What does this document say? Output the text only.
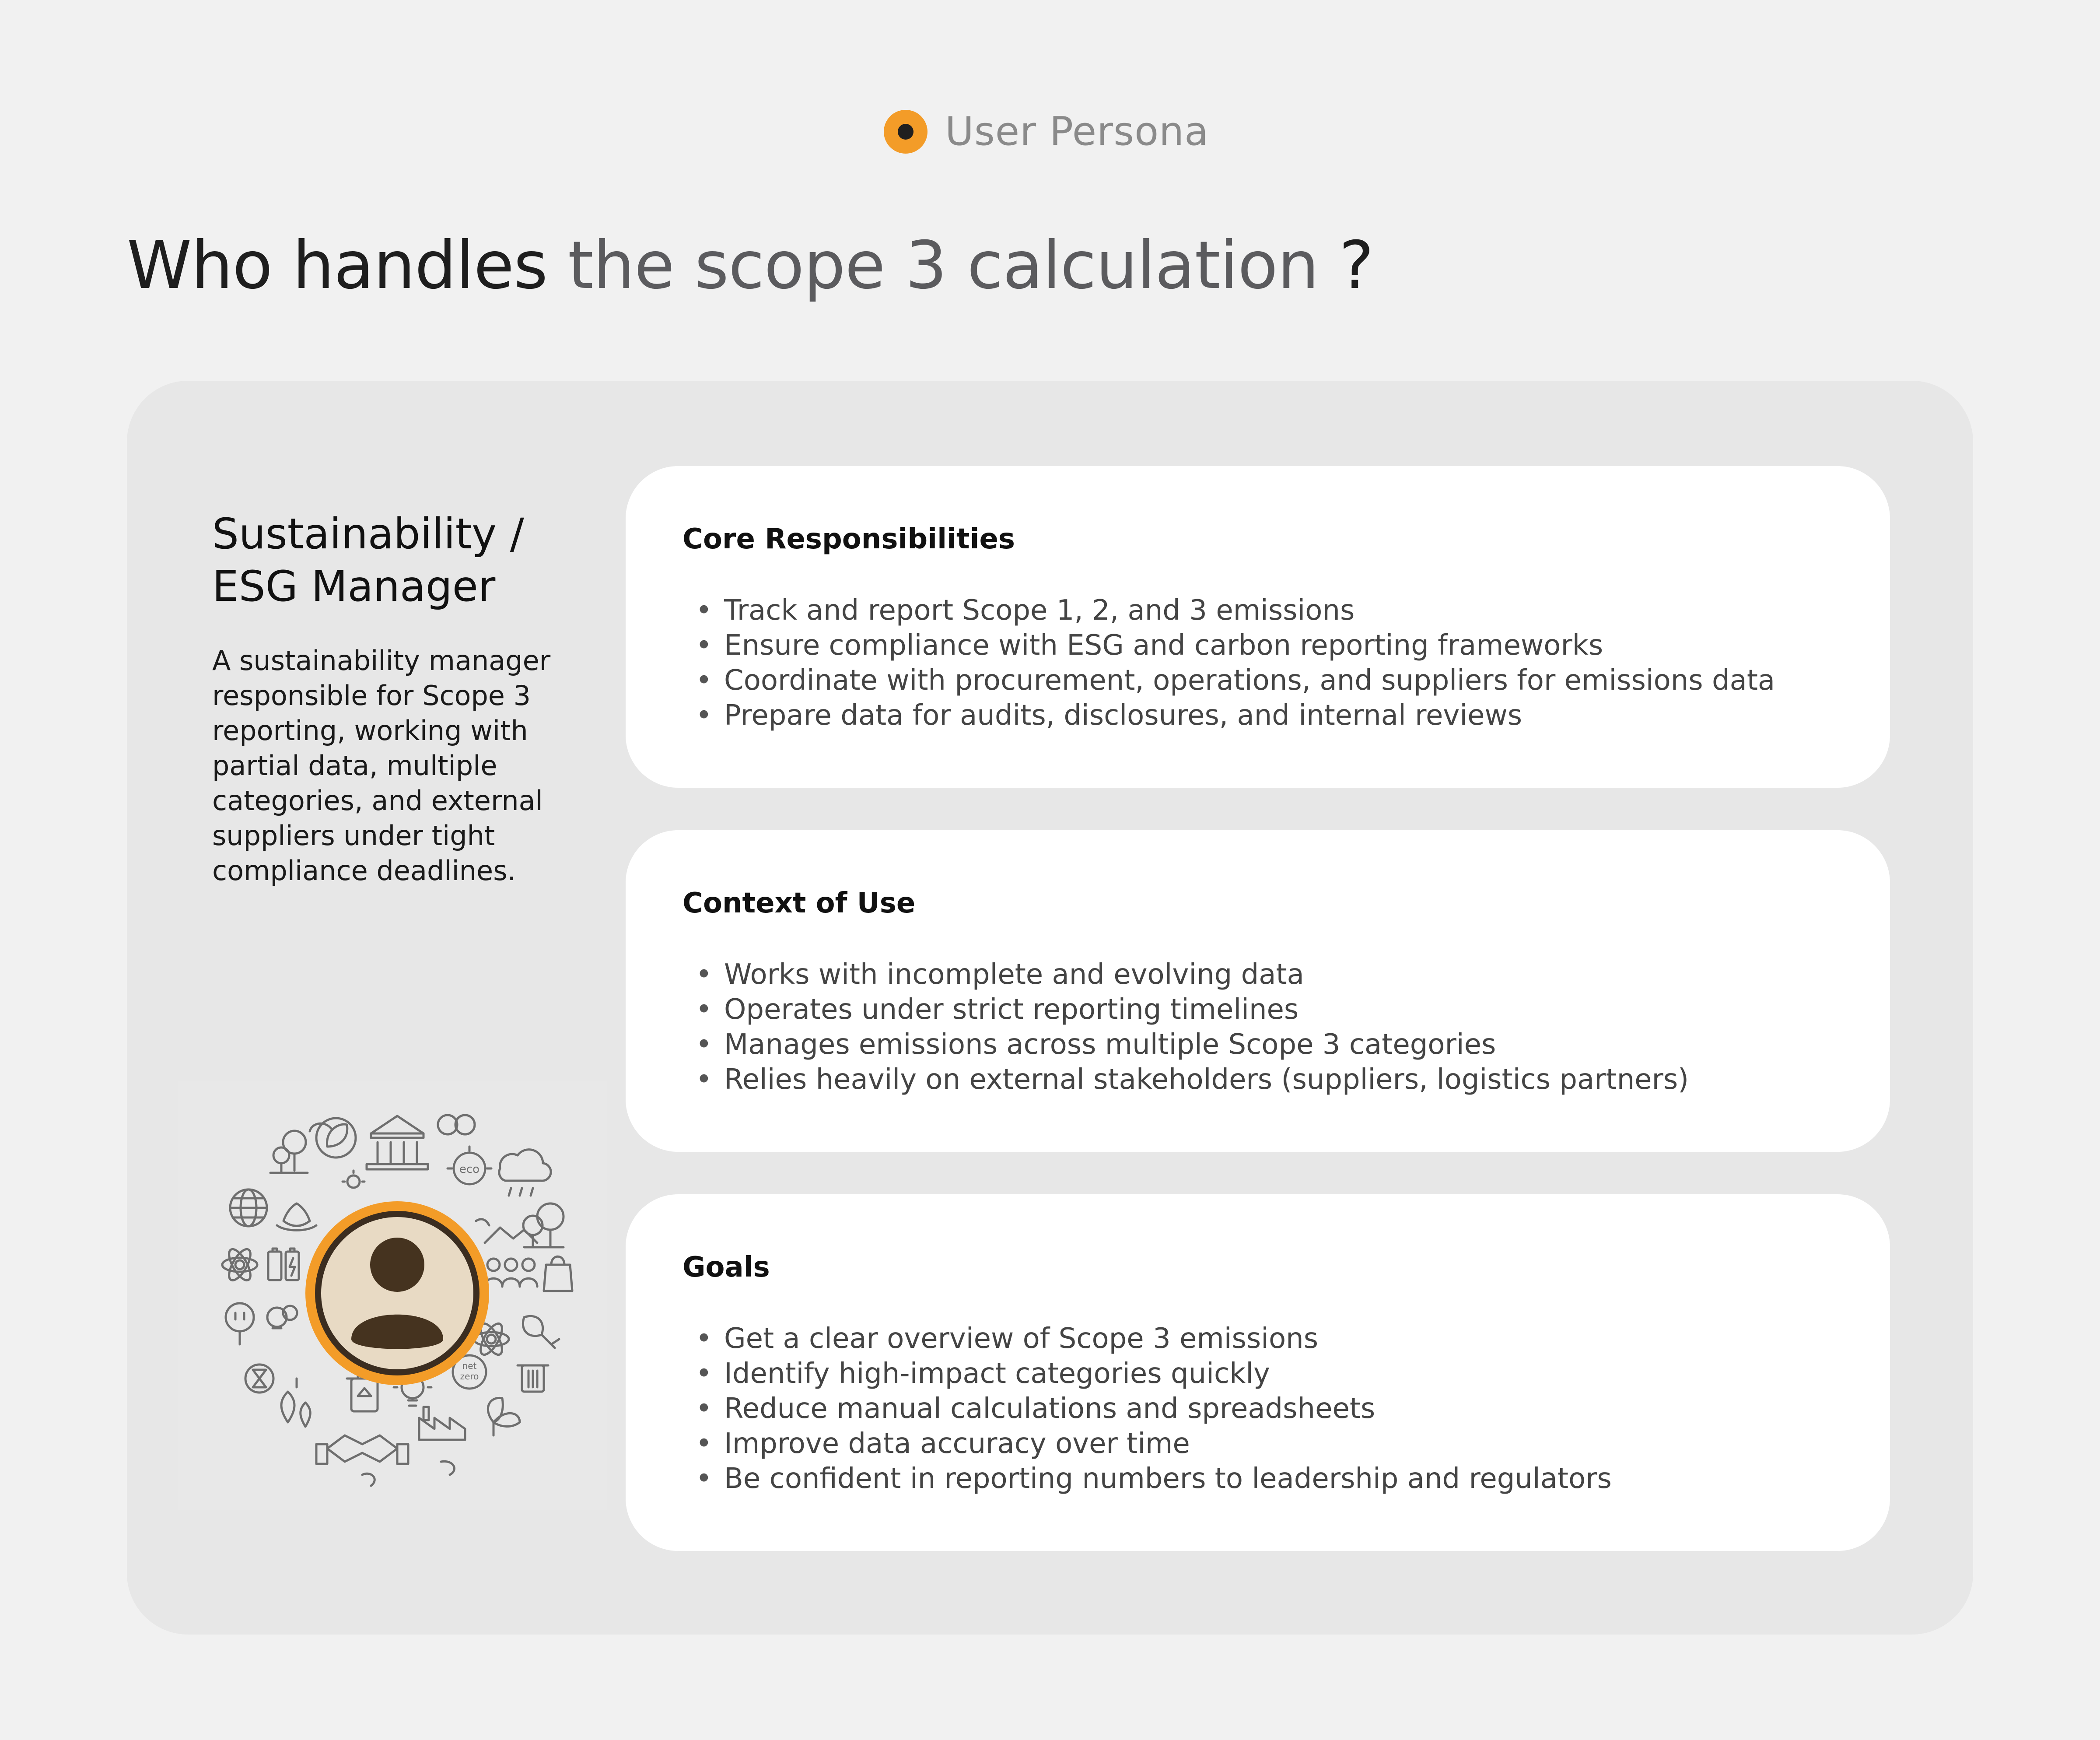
User Persona
Who handles the scope 3 calculation ?
Sustainability /
ESG Manager

A sustainability manager responsible for Scope 3 reporting, working with partial data, multiple categories, and external suppliers under tight compliance deadlines.

eco
net
zero
Core Responsibilities
• Track and report Scope 1, 2, and 3 emissions
• Ensure compliance with ESG and carbon reporting frameworks
• Coordinate with procurement, operations, and suppliers for emissions data
• Prepare data for audits, disclosures, and internal reviews
Context of Use
• Works with incomplete and evolving data
• Operates under strict reporting timelines
• Manages emissions across multiple Scope 3 categories
• Relies heavily on external stakeholders (suppliers, logistics partners)
Goals
• Get a clear overview of Scope 3 emissions
• Identify high-impact categories quickly
• Reduce manual calculations and spreadsheets
• Improve data accuracy over time
• Be confident in reporting numbers to leadership and regulators
